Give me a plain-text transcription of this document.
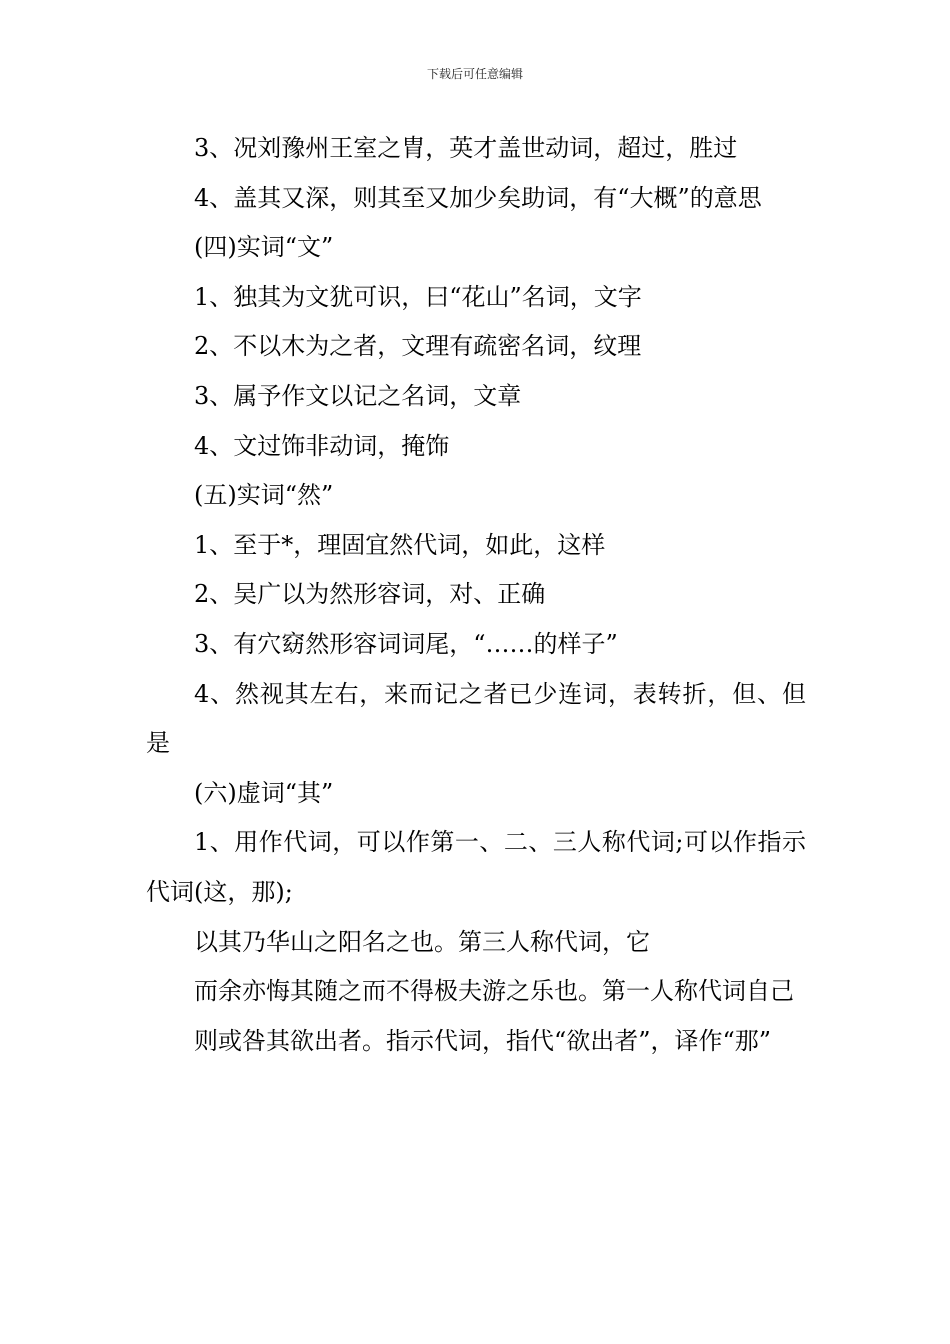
下载后可任意编辑

3、况刘豫州王室之胄，英才盖世动词，超过，胜过

4、盖其又深，则其至又加少矣助词，有“大概”的意思

(四)实词“文”

1、独其为文犹可识，曰“花山”名词，文字

2、不以木为之者，文理有疏密名词，纹理

3、属予作文以记之名词，文章

4、文过饰非动词，掩饰

(五)实词“然”

1、至于*，理固宜然代词，如此，这样

2、吴广以为然形容词，对、正确

3、有穴窈然形容词词尾，“……的样子”

4、然视其左右，来而记之者已少连词，表转折，但、但是

(六)虚词“其”

1、用作代词，可以作第一、二、三人称代词;可以作指示代词(这，那);

以其乃华山之阳名之也。第三人称代词，它

而余亦悔其随之而不得极夫游之乐也。第一人称代词自己

则或咎其欲出者。指示代词，指代“欲出者”，译作“那”
